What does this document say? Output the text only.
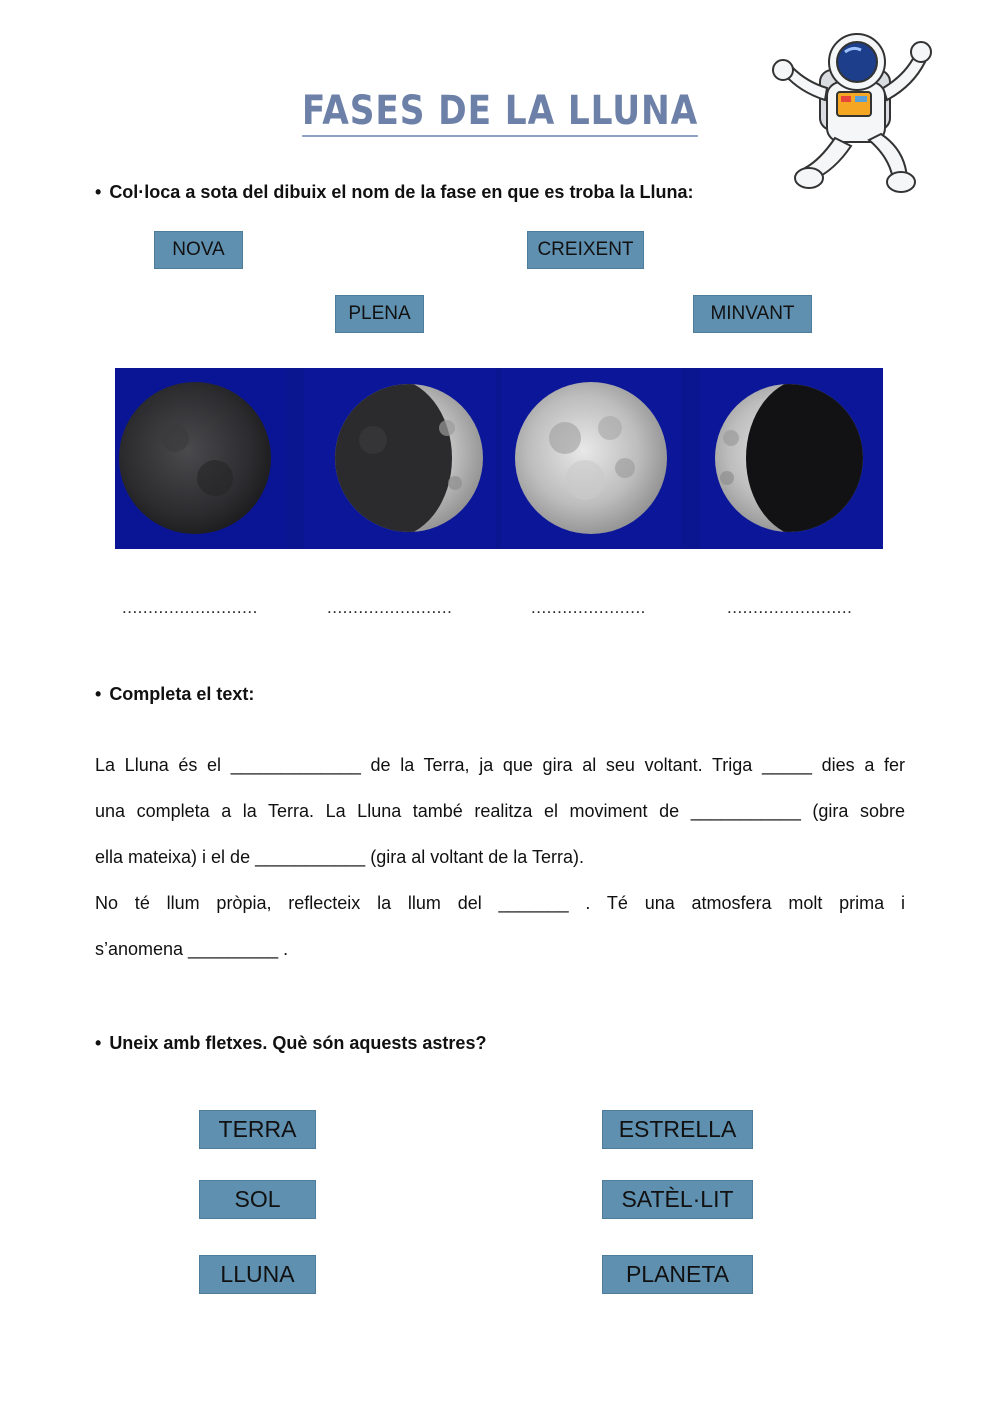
FASES DE LA LLUNA
• Col·loca a sota del dibuix el nom de la fase en que es troba la Lluna:
NOVA	CREIXENT
PLENA	MINVANT
..........................	........................	......................	........................
• Completa el text:

La Lluna és el _____________ de la Terra, ja que gira al seu voltant. Triga _____ dies a fer

una completa a la Terra. La Lluna també realitza el moviment de ___________ (gira sobre

ella mateixa) i el de ___________ (gira al voltant de la Terra).

No té llum pròpia, reflecteix la llum del _______ . Té una atmosfera molt prima i

s’anomena _________ .

• Uneix amb fletxes. Què són aquests astres?
TERRA
SOL
LLUNA
ESTRELLA
SATÈL·LIT
PLANETA
